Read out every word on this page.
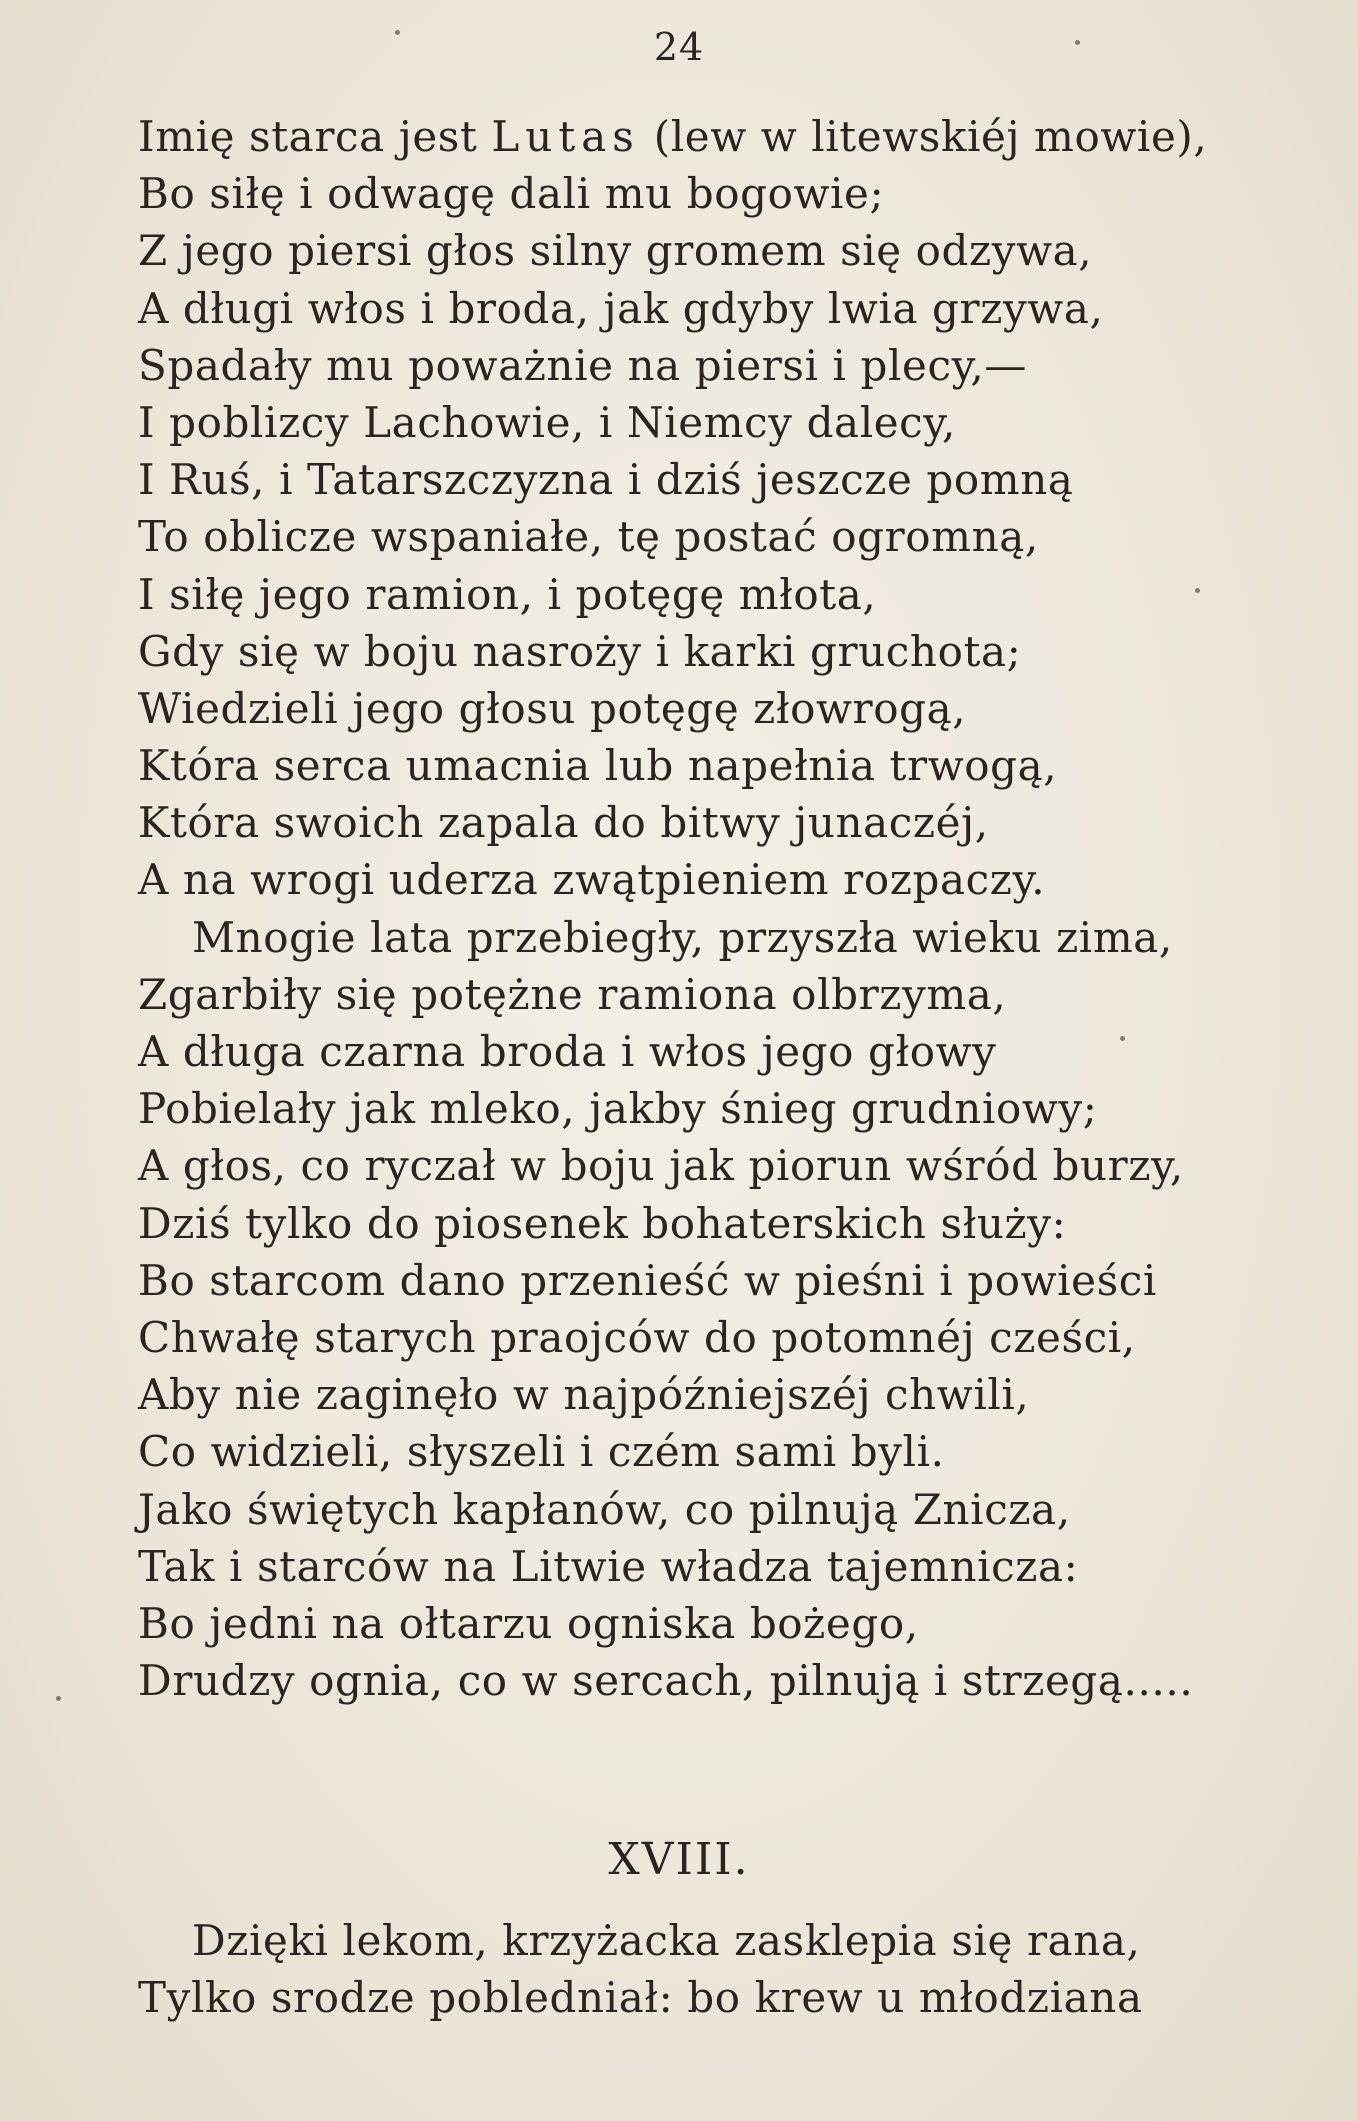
24
Imię starca jest Lutas (lew w litewskiéj mowie),
Bo siłę i odwagę dali mu bogowie;
Z jego piersi głos silny gromem się odzywa,
A długi włos i broda, jak gdyby lwia grzywa,
Spadały mu poważnie na piersi i plecy,—
I poblizcy Lachowie, i Niemcy dalecy,
I Ruś, i Tatarszczyzna i dziś jeszcze pomną
To oblicze wspaniałe, tę postać ogromną,
I siłę jego ramion, i potęgę młota,
Gdy się w boju nasroży i karki gruchota;
Wiedzieli jego głosu potęgę złowrogą,
Która serca umacnia lub napełnia trwogą,
Która swoich zapala do bitwy junaczéj,
A na wrogi uderza zwątpieniem rozpaczy.
Mnogie lata przebiegły, przyszła wieku zima,
Zgarbiły się potężne ramiona olbrzyma,
A długa czarna broda i włos jego głowy
Pobielały jak mleko, jakby śnieg grudniowy;
A głos, co ryczał w boju jak piorun wśród burzy,
Dziś tylko do piosenek bohaterskich służy:
Bo starcom dano przenieść w pieśni i powieści
Chwałę starych praojców do potomnéj cześci,
Aby nie zaginęło w najpóźniejszéj chwili,
Co widzieli, słyszeli i czém sami byli.
Jako świętych kapłanów, co pilnują Znicza,
Tak i starców na Litwie władza tajemnicza:
Bo jedni na ołtarzu ogniska bożego,
Drudzy ognia, co w sercach, pilnują i strzegą.....
XVIII.
Dzięki lekom, krzyżacka zasklepia się rana,
Tylko srodze pobledniał: bo krew u młodziana
